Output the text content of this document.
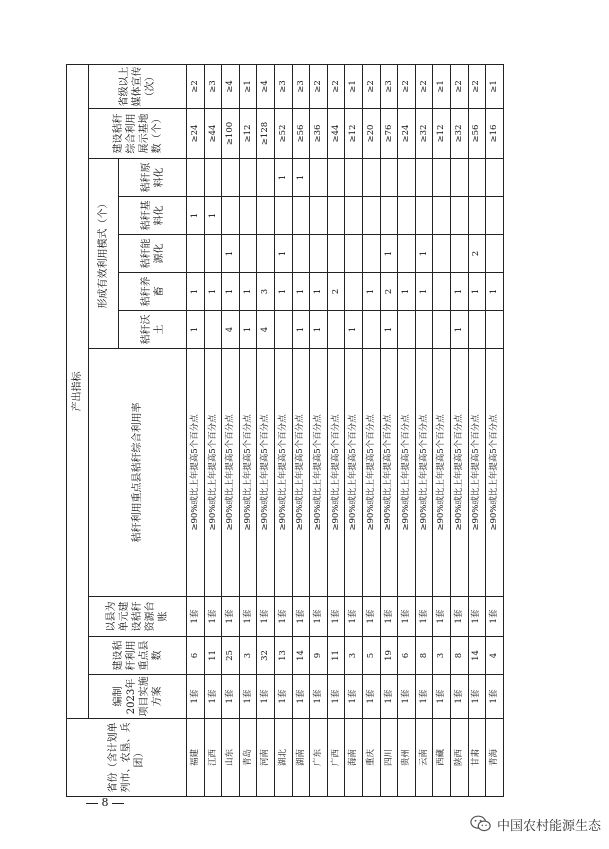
省份（含计划单列市、农垦、兵团）	产出指标										
	编制2023年项目实施方案	建设秸秆利用重点县数	以县为单元建设秸秆资源台账	秸秆利用重点县秸秆综合利用率	形成有效利用模式（个）					建设秸秆综合利用展示基地数（个）	省级以上媒体宣传（次）
					秸秆沃土	秸秆养畜	秸秆能源化	秸秆基料化	秸秆原料化		
福建	1套	6	1套	≥90%或比上年提高5个百分点	1	1		1		≥24	≥2
江西	1套	11	1套	≥90%或比上年提高5个百分点		1		1		≥44	≥3
山东	1套	25	1套	≥90%或比上年提高5个百分点	4	1	1			≥100	≥4
青岛	1套	3	1套	≥90%或比上年提高5个百分点	1	1				≥12	≥1
河南	1套	32	1套	≥90%或比上年提高5个百分点	4	3				≥128	≥4
湖北	1套	13	1套	≥90%或比上年提高5个百分点		1	1		1	≥52	≥3
湖南	1套	14	1套	≥90%或比上年提高5个百分点	1	1			1	≥56	≥3
广东	1套	9	1套	≥90%或比上年提高5个百分点	1	1				≥36	≥2
广西	1套	11	1套	≥90%或比上年提高5个百分点		2				≥44	≥2
海南	1套	3	1套	≥90%或比上年提高5个百分点	1					≥12	≥1
重庆	1套	5	1套	≥90%或比上年提高5个百分点		1				≥20	≥2
四川	1套	19	1套	≥90%或比上年提高5个百分点	1	2	1			≥76	≥3
贵州	1套	6	1套	≥90%或比上年提高5个百分点		1				≥24	≥2
云南	1套	8	1套	≥90%或比上年提高5个百分点		1	1			≥32	≥2
西藏	1套	3	1套	≥90%或比上年提高5个百分点						≥12	≥1
陕西	1套	8	1套	≥90%或比上年提高5个百分点	1	1				≥32	≥2
甘肃	1套	14	1套	≥90%或比上年提高5个百分点		1	2			≥56	≥2
青海	1套	4	1套	≥90%或比上年提高5个百分点		1				≥16	≥1
8
中国农村能源生态
